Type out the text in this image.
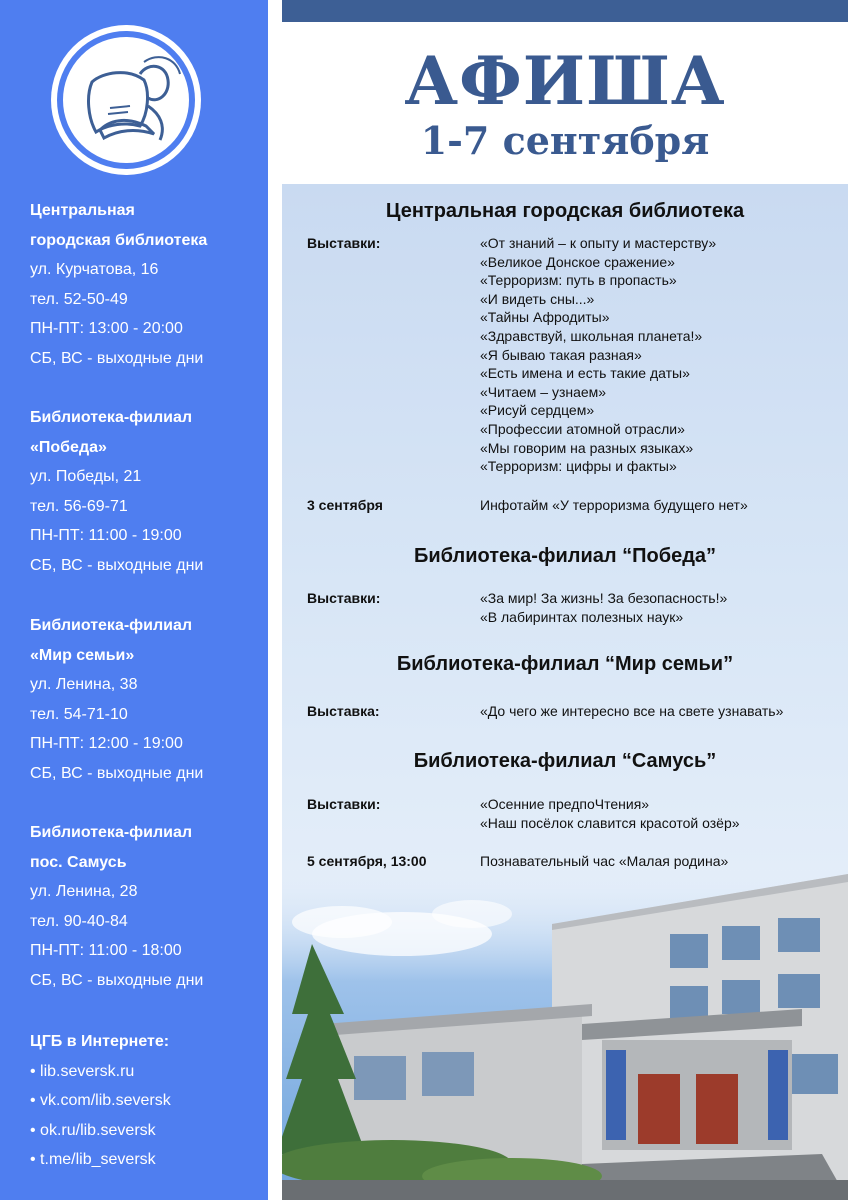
Центральная
городская библиотека
ул. Курчатова, 16
тел. 52-50-49
ПН-ПТ: 13:00 - 20:00
СБ, ВС - выходные дни
Библиотека-филиал
«Победа»
ул. Победы, 21
тел. 56-69-71
ПН-ПТ: 11:00 - 19:00
СБ, ВС - выходные дни
Библиотека-филиал
«Мир семьи»
ул. Ленина, 38
тел. 54-71-10
ПН-ПТ: 12:00 - 19:00
СБ, ВС - выходные дни
Библиотека-филиал
пос. Самусь
ул. Ленина, 28
тел. 90-40-84
ПН-ПТ: 11:00 - 18:00
СБ, ВС - выходные дни
ЦГБ в Интернете:
• lib.seversk.ru
• vk.com/lib.seversk
• ok.ru/lib.seversk
• t.me/lib_seversk
АФИША
1-7 сентября
Центральная городская библиотека
Выставки:	«От знаний – к опыту и мастерству»
«Великое Донское сражение»
«Терроризм: путь в пропасть»
«И видеть сны...»
«Тайны Афродиты»
«Здравствуй, школьная планета!»
«Я бываю такая разная»
«Есть имена и есть такие даты»
«Читаем – узнаем»
«Рисуй сердцем»
«Профессии атомной отрасли»
«Мы говорим на разных языках»
«Терроризм: цифры и факты»
3 сентября	Инфотайм «У терроризма будущего нет»
Библиотека-филиал “Победа”
Выставки:	«За мир! За жизнь! За безопасность!»
«В лабиринтах полезных наук»
Библиотека-филиал “Мир семьи”
Выставка:	«До чего же интересно все на свете узнавать»
Библиотека-филиал “Самусь”
Выставки:	«Осенние предпоЧтения»
«Наш посёлок славится красотой озёр»
5 сентября, 13:00	Познавательный час «Малая родина»
